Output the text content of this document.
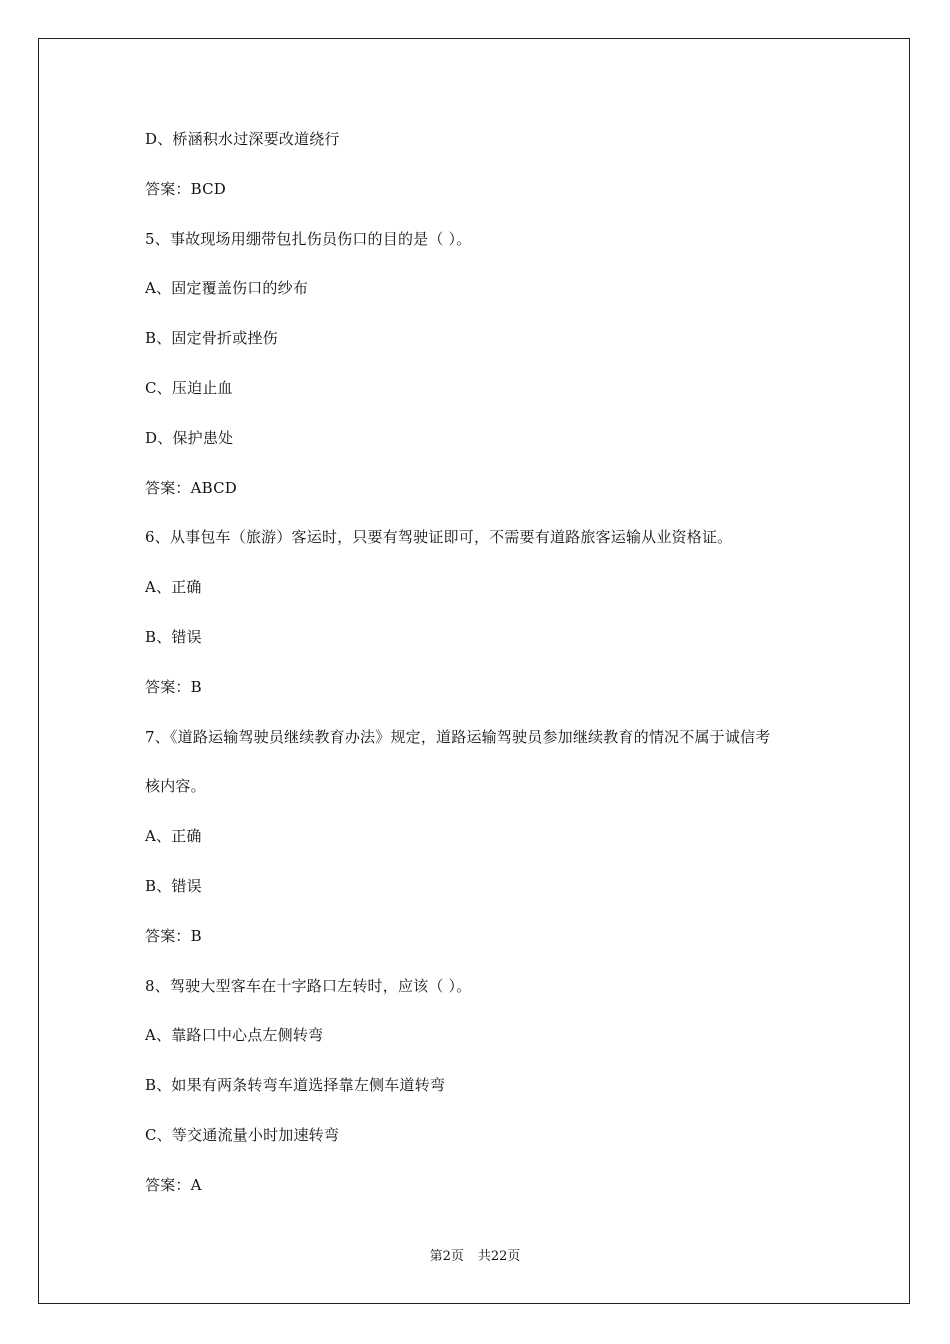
D、桥涵积水过深要改道绕行
答案：BCD
5、事故现场用绷带包扎伤员伤口的目的是（ ）。
A、固定覆盖伤口的纱布
B、固定骨折或挫伤
C、压迫止血
D、保护患处
答案：ABCD
6、从事包车（旅游）客运时，只要有驾驶证即可，不需要有道路旅客运输从业资格证。
A、正确
B、错误
答案：B
7、《道路运输驾驶员继续教育办法》规定，道路运输驾驶员参加继续教育的情况不属于诚信考
核内容。
A、正确
B、错误
答案：B
8、驾驶大型客车在十字路口左转时，应该（ ）。
A、靠路口中心点左侧转弯
B、如果有两条转弯车道选择靠左侧车道转弯
C、等交通流量小时加速转弯
答案：A
第2页 共22页
